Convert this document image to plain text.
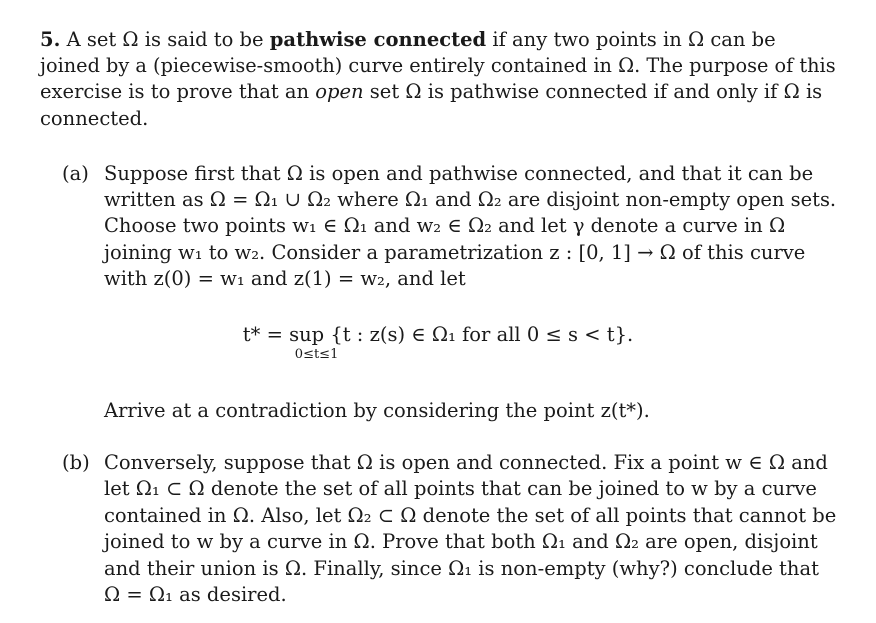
5. A set Ω is said to be pathwise connected if any two points in Ω can be
joined by a (piecewise-smooth) curve entirely contained in Ω. The purpose of this
exercise is to prove that an open set Ω is pathwise connected if and only if Ω is
connected.
(a) Suppose first that Ω is open and pathwise connected, and that it can be
written as Ω = Ω₁ ∪ Ω₂ where Ω₁ and Ω₂ are disjoint non-empty open sets.
Choose two points w₁ ∈ Ω₁ and w₂ ∈ Ω₂ and let γ denote a curve in Ω
joining w₁ to w₂. Consider a parametrization z : [0, 1] → Ω of this curve
with z(0) = w₁ and z(1) = w₂, and let
t* = sup {t : z(s) ∈ Ω₁ for all 0 ≤ s < t}.
0≤t≤1
Arrive at a contradiction by considering the point z(t*).
(b) Conversely, suppose that Ω is open and connected. Fix a point w ∈ Ω and
let Ω₁ ⊂ Ω denote the set of all points that can be joined to w by a curve
contained in Ω. Also, let Ω₂ ⊂ Ω denote the set of all points that cannot be
joined to w by a curve in Ω. Prove that both Ω₁ and Ω₂ are open, disjoint
and their union is Ω. Finally, since Ω₁ is non-empty (why?) conclude that
Ω = Ω₁ as desired.
